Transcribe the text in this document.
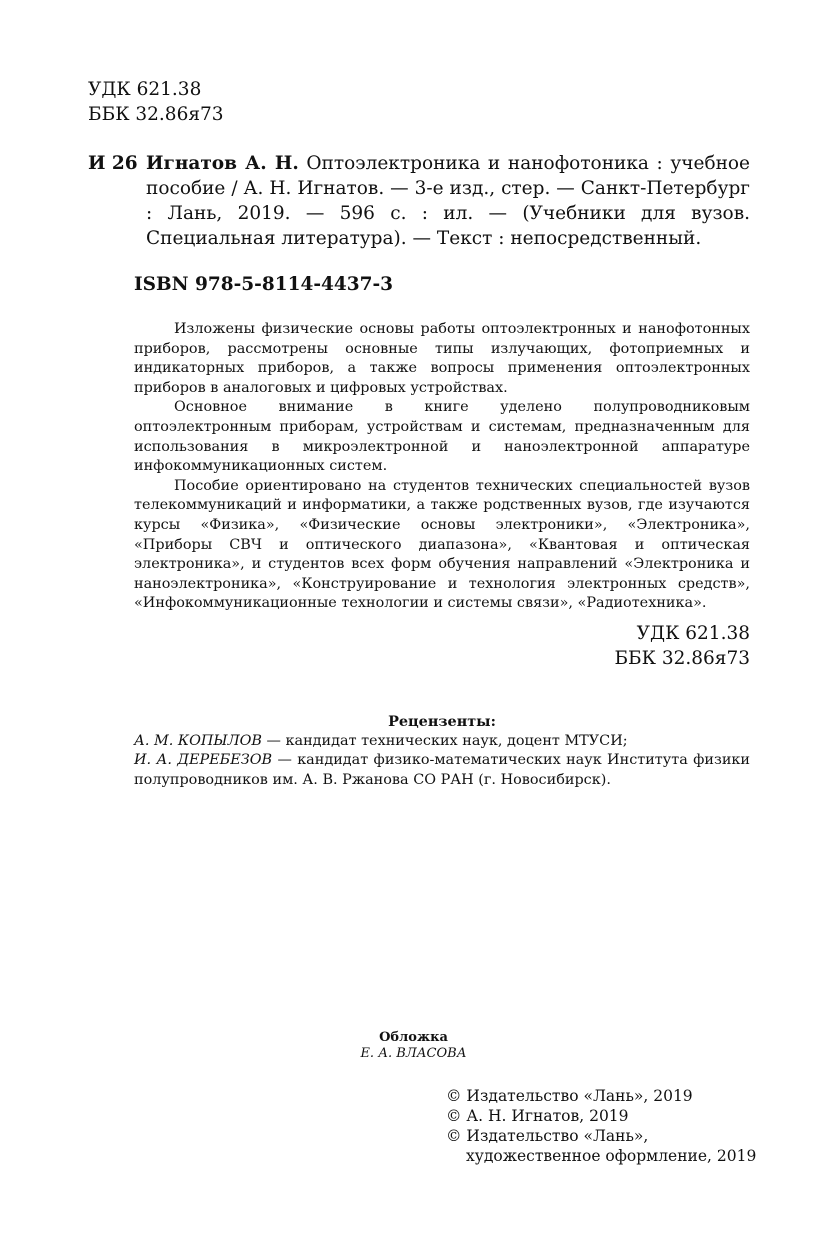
УДК 621.38
ББК 32.86я73
И 26 Игнатов А. Н. Оптоэлектроника и нанофотоника : учебное пособие / А. Н. Игнатов. — 3-е изд., стер. — Санкт-Петербург : Лань, 2019. — 596 с. : ил. — (Учебники для вузов. Специальная литература). — Текст : непосредственный.
ISBN 978-5-8114-4437-3

Изложены физические основы работы оптоэлектронных и нанофотонных приборов, рассмотрены основные типы излучающих, фотоприемных и индикаторных приборов, а также вопросы применения оптоэлектронных приборов в аналоговых и цифровых устройствах.

Основное внимание в книге уделено полупроводниковым оптоэлектронным приборам, устройствам и системам, предназначенным для использования в микроэлектронной и наноэлектронной аппаратуре инфокоммуникационных систем.

Пособие ориентировано на студентов технических специальностей вузов телекоммуникаций и информатики, а также родственных вузов, где изучаются курсы «Физика», «Физические основы электроники», «Электроника», «Приборы СВЧ и оптического диапазона», «Квантовая и оптическая электроника», и студентов всех форм обучения направлений «Электроника и наноэлектроника», «Конструирование и технология электронных средств», «Инфокоммуникационные технологии и системы связи», «Радиотехника».

УДК 621.38
ББК 32.86я73
Рецензенты:

А. М. КОПЫЛОВ — кандидат технических наук, доцент МТУСИ;
И. А. ДЕРЕБЕЗОВ — кандидат физико-математических наук Института физики полупроводников им. А. В. Ржанова СО РАН (г. Новосибирск).

Обложка
Е. А. ВЛАСОВА
© Издательство «Лань», 2019
© А. Н. Игнатов, 2019
© Издательство «Лань»,
художественное оформление, 2019
